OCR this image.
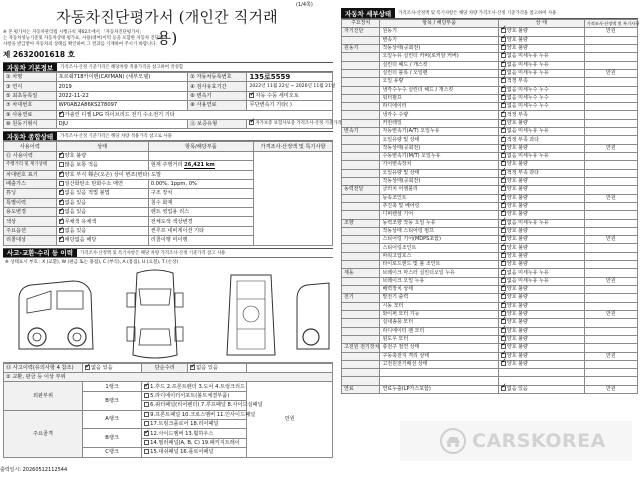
(1/4쪽)
자동차진단평가서 (개인간 직거래용)
※ 본 평가서는 자동차관리법 시행규칙 제62조에서 「자동차진단평가서」
는 자동차성능기준및 자동차상태 평가표, 사용(대여)이력 등을 포함한 자동차 진단평가
사항을 발급받아 자동차의 상태를 확인하여 그 결과를 기재하여 주시기 바랍니다.
제 2632001618 호
자동차 기본정보	가격조사·산정 기준가격은 해당차량 적용가격을 참고하여 작성함
① 차명	포르쉐718카이맨(CAYMAN) (세부모델)	② 자동차등록번호	135로5559
③ 연식	2019	④ 검사유효기간	2022년 11월 22일 ~ 2026년 11월 21일
⑤ 최초등록일	2022-11-22	⑥ 변속기	✓자동 수동 세미오토
⑦ 차대번호	WP0AB2A86KS278097	⑧ 사용연료	무단변속기 기타( )
⑨ 사용연료	✓가솔린 디젤 LPG 하이브리드 전기 수소전기 기타
⑩ 원동기형식	DJU	⑪ 보증유형	✓자가보증 보험사보증 가격조사·산정 기준가격
자동차 종합상태	가격조사·산정 기준가격은 해당 차량 적용가격 참고로 사용
사용이력	상태	항목/해당부품	가격조사·산정액 및 특기사항
⑫ 사용이력	✓양호 불량		
주행거리 및 계기상태	많음 보통 적음	현재 주행거리 26,421 km	
차대번호 표기	✓양호 부식 훼손(오손) 상이 변조(변타) 도말
배출가스	일산화탄소 탄화수소 매연	0.00%, 1ppm, 0%	
튜닝	✓없음 있음 적법 불법	구조 장치	
특별이력	✓없음 있음	침수 화재	
용도변경	✓없음 있음	렌트 영업용 리스	
색상	✓무채색 유채색	전체도색 색상변경	
주요옵션	✓없음 있음	썬루프 네비게이션 기타	
리콜대상	✓해당없음 해당	리콜이행 미이행	
사고·교환·수리 등 이력	가격조사·산정액 및 특기사항은 해당 차량 가격조사·산정 기준가격 참고 사용
※ 상태표시 부호 : X (교환), W (판금 또는 용접), C (부식), A (흠집), U (요철), T (손상)
⑬ 사고이력(유의사항 4 참조)	✓없음 있음	단순수리	✓없음 있음	
② 교환, 판금 등 이상 부위				
외판부위	1랭크	✓1.후드 2.프론트펜더 3.도어 4.트렁크리드		만원
	B랭크	5.라디에이터서포트(볼트체결부품)		
		6.쿼터패널(리어펜더) 7.루프패널 8.사이드실패널		
주요골격	A랭크	9.프론트패널 10.크로스멤버 11.인사이드패널		
		17.트렁크플로어 18.리어패널		
	B랭크	✓12.사이드멤버 13.휠하우스
		14.필러패널(A, B, C) 19.패키지트레이		
	C랭크	15.대쉬패널 16.플로어패널		
자동차 세부상태	가격조사·산정액 및 특기사항은 해당 차량 가격조사·산정 기준가격을 참고하여 사용
주요장치	항목 / 해당부품	상 태	가격조사·산정액 및 특기사항
자기진단	원동기	✓양호 불량	만원
	변속기	✓양호 불량	
원동기	작동상태(공회전)	✓양호 불량	
	오일누유 실린더 커버(로커암 커버)	✓없음 미세누유 누유	
	실린더 헤드 / 개스킷	✓없음 미세누유 누유	
	실린더 블록 / 오일팬	✓없음 미세누유 누유	만원
	오일 유량	✓적정 부족	
	냉각수누수 실린더 헤드 / 개스킷	✓없음 미세누수 누수	
	워터펌프	✓없음 미세누수 누수	
	라디에이터	✓없음 미세누수 누수	
	냉각수 수량	✓적정 부족	
	커먼레일	✓양호 불량	
변속기	자동변속기(A/T) 오일누유	✓없음 미세누유 누유	
	오일유량 및 상태	✓적정 부족 과다	
	작동상태(공회전)	✓양호 불량	만원
	수동변속기(M/T) 오일누유	✓없음 미세누유 누유	
	기어변속장치	✓양호 불량	
	오일유량 및 상태	✓적정 부족 과다	
	작동상태(공회전)	✓양호 불량	
동력전달	클러치 어셈블리	✓양호 불량	
	등속조인트	✓양호 불량	만원
	추진축 및 베어링	✓양호 불량	
	디퍼렌셜 기어	✓양호 불량	
조향	동력조향 작동 오일 누유	✓없음 미세누유 누유	
	작동상태 스티어링 펌프	✓양호 불량	
	스티어링 기어(MDPS포함)	✓양호 불량	만원
	스티어링조인트	✓양호 불량	
	파워고압호스	✓양호 불량	
	타이로드엔드 및 볼 조인트	✓양호 불량	
제동	브레이크 마스터 실린더오일 누유	✓없음 미세누유 누유	
	브레이크 오일 누유	✓없음 미세누유 누유	만원
	배력장치 상태	✓양호 불량	
전기	발전기 출력	✓양호 불량	
	시동 모터	✓양호 불량	
	와이퍼 모터 기능	✓양호 불량	만원
	실내송풍 모터	✓양호 불량	
	라디에이터 팬 모터	✓양호 불량	
	윈도우 모터	✓양호 불량	
고전원 전기장치	충전구 절연 상태	✓양호 불량	
	구동축전지 격리 상태	✓양호 불량	만원
	고전원전기배선 상태	✓양호 불량	

연료	연료누출(LP가스포함)	✓없음 있음	만원
출력일시: 20260512112544
CARSKOREA
